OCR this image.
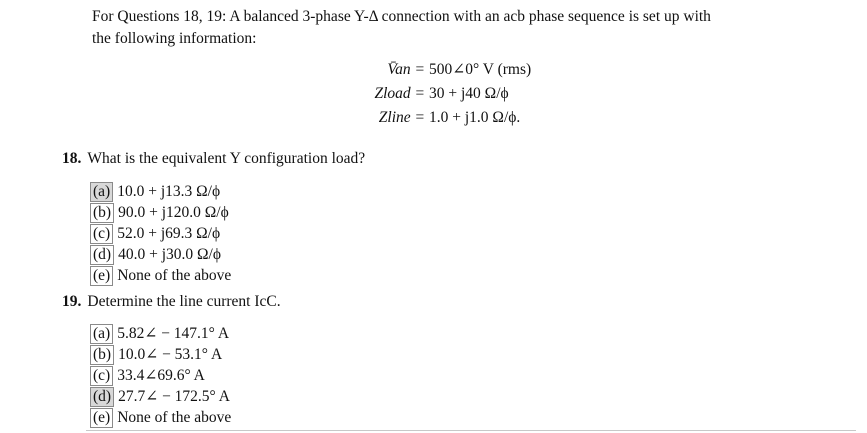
For Questions 18, 19: A balanced 3-phase Y-Δ connection with an acb phase sequence is set up with
the following information:
V̄an = 500∠0° V (rms)
Zload = 30 + j40 Ω/ϕ
Zline = 1.0 + j1.0 Ω/ϕ.
18. What is the equivalent Y configuration load?
(a) 10.0 + j13.3 Ω/ϕ
(b) 90.0 + j120.0 Ω/ϕ
(c) 52.0 + j69.3 Ω/ϕ
(d) 40.0 + j30.0 Ω/ϕ
(e) None of the above
19. Determine the line current IcC.
(a) 5.82∠ − 147.1° A
(b) 10.0∠ − 53.1° A
(c) 33.4∠69.6° A
(d) 27.7∠ − 172.5° A
(e) None of the above
